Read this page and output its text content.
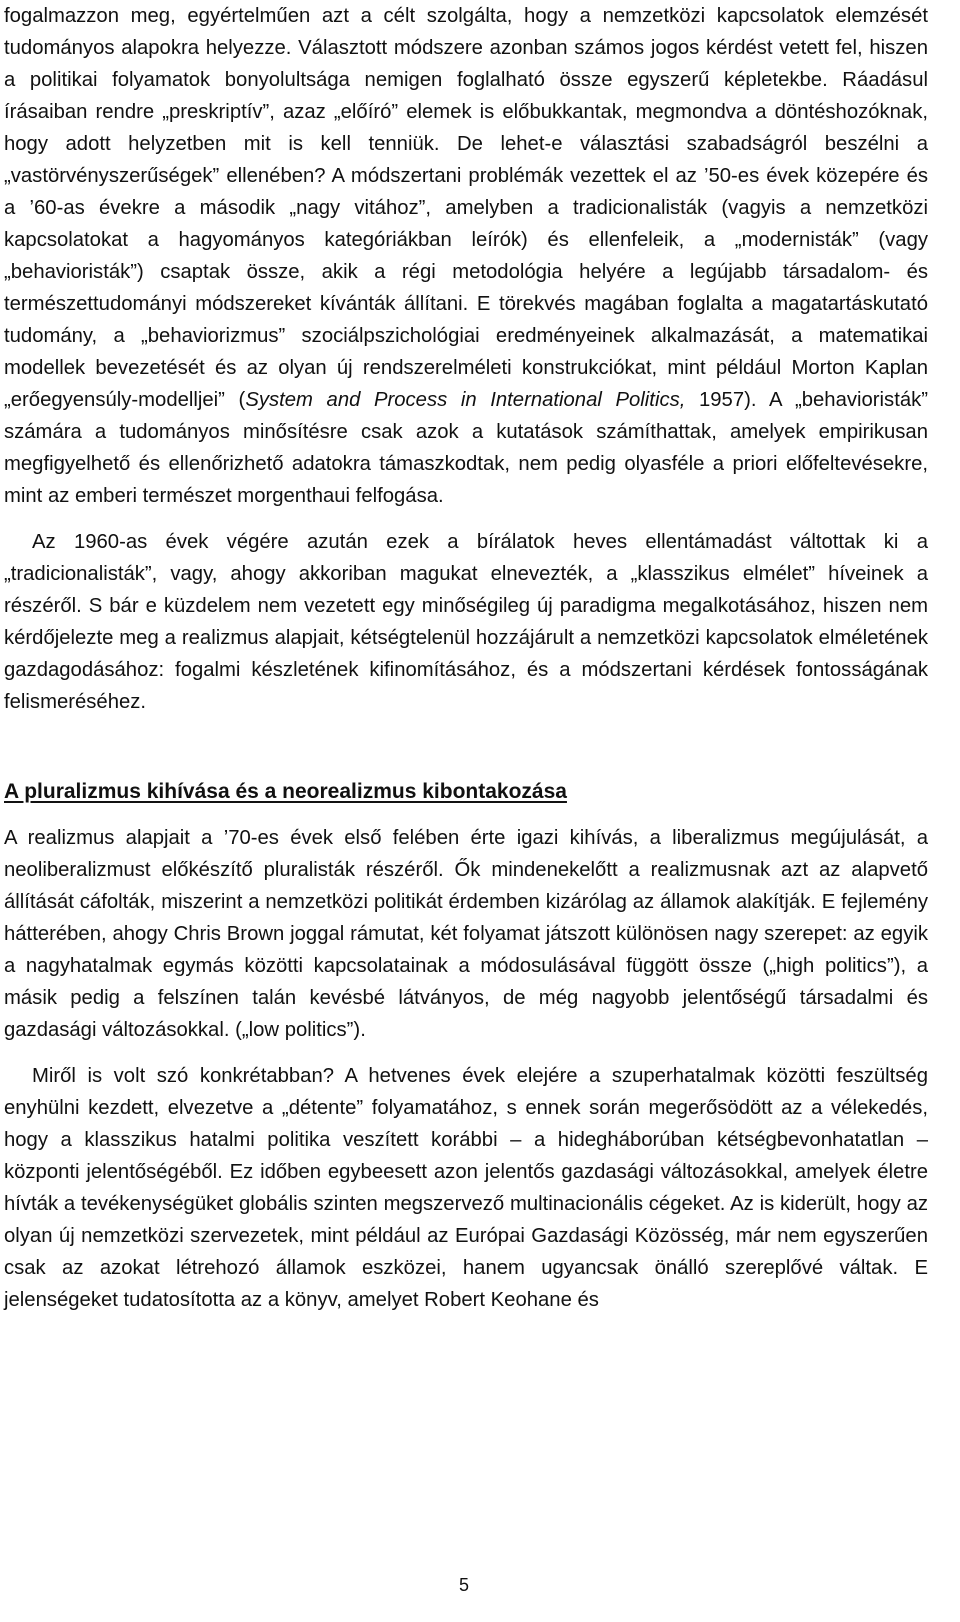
fogalmazzon meg, egyértelműen azt a célt szolgálta, hogy a nemzetközi kapcsolatok elemzését tudományos alapokra helyezze. Választott módszere azonban számos jogos kérdést vetett fel, hiszen a politikai folyamatok bonyolultsága nemigen foglalható össze egyszerű képletekbe. Ráadásul írásaiban rendre „preskriptív”, azaz „előíró” elemek is előbukkantak, megmondva a döntéshozóknak, hogy adott helyzetben mit is kell tenniük. De lehet-e választási szabadságról beszélni a „vastörvényszerűségek” ellenében? A módszertani problémák vezettek el az ’50-es évek közepére és a ’60-as évekre a második „nagy vitához”, amelyben a tradicionalisták (vagyis a nemzetközi kapcsolatokat a hagyományos kategóriákban leírók) és ellenfeleik, a „modernisták” (vagy „behavioristák”) csaptak össze, akik a régi metodológia helyére a legújabb társadalom- és természettudományi módszereket kívánták állítani. E törekvés magában foglalta a magatartáskutató tudomány, a „behaviorizmus” szociálpszichológiai eredményeinek alkalmazását, a matematikai modellek bevezetését és az olyan új rendszerelméleti konstrukciókat, mint például Morton Kaplan „erőegyensúly-modelljei” (System and Process in International Politics, 1957). A „behavioristák” számára a tudományos minősítésre csak azok a kutatások számíthattak, amelyek empirikusan megfigyelhető és ellenőrizhető adatokra támaszkodtak, nem pedig olyasféle a priori előfeltevésekre, mint az emberi természet morgenthaui felfogása.

Az 1960-as évek végére azután ezek a bírálatok heves ellentámadást váltottak ki a „tradicionalisták”, vagy, ahogy akkoriban magukat elnevezték, a „klasszikus elmélet” híveinek a részéről. S bár e küzdelem nem vezetett egy minőségileg új paradigma megalkotásához, hiszen nem kérdőjelezte meg a realizmus alapjait, kétségtelenül hozzájárult a nemzetközi kapcsolatok elméletének gazdagodásához: fogalmi készletének kifinomításához, és a módszertani kérdések fontosságának felismeréséhez.

A pluralizmus kihívása és a neorealizmus kibontakozása

A realizmus alapjait a ’70-es évek első felében érte igazi kihívás, a liberalizmus megújulását, a neoliberalizmust előkészítő pluralisták részéről. Ők mindenekelőtt a realizmusnak azt az alapvető állítását cáfolták, miszerint a nemzetközi politikát érdemben kizárólag az államok alakítják. E fejlemény hátterében, ahogy Chris Brown joggal rámutat, két folyamat játszott különösen nagy szerepet: az egyik a nagyhatalmak egymás közötti kapcsolatainak a módosulásával függött össze („high politics”), a másik pedig a felszínen talán kevésbé látványos, de még nagyobb jelentőségű társadalmi és gazdasági változásokkal. („low politics”).

Miről is volt szó konkrétabban? A hetvenes évek elejére a szuperhatalmak közötti feszültség enyhülni kezdett, elvezetve a „détente” folyamatához, s ennek során megerősödött az a vélekedés, hogy a klasszikus hatalmi politika veszített korábbi – a hidegháborúban kétségbevonhatatlan – központi jelentőségéből. Ez időben egybeesett azon jelentős gazdasági változásokkal, amelyek életre hívták a tevékenységüket globális szinten megszervező multinacionális cégeket. Az is kiderült, hogy az olyan új nemzetközi szervezetek, mint például az Európai Gazdasági Közösség, már nem egyszerűen csak az azokat létrehozó államok eszközei, hanem ugyancsak önálló szereplővé váltak. E jelenségeket tudatosította az a könyv, amelyet Robert Keohane és

5
